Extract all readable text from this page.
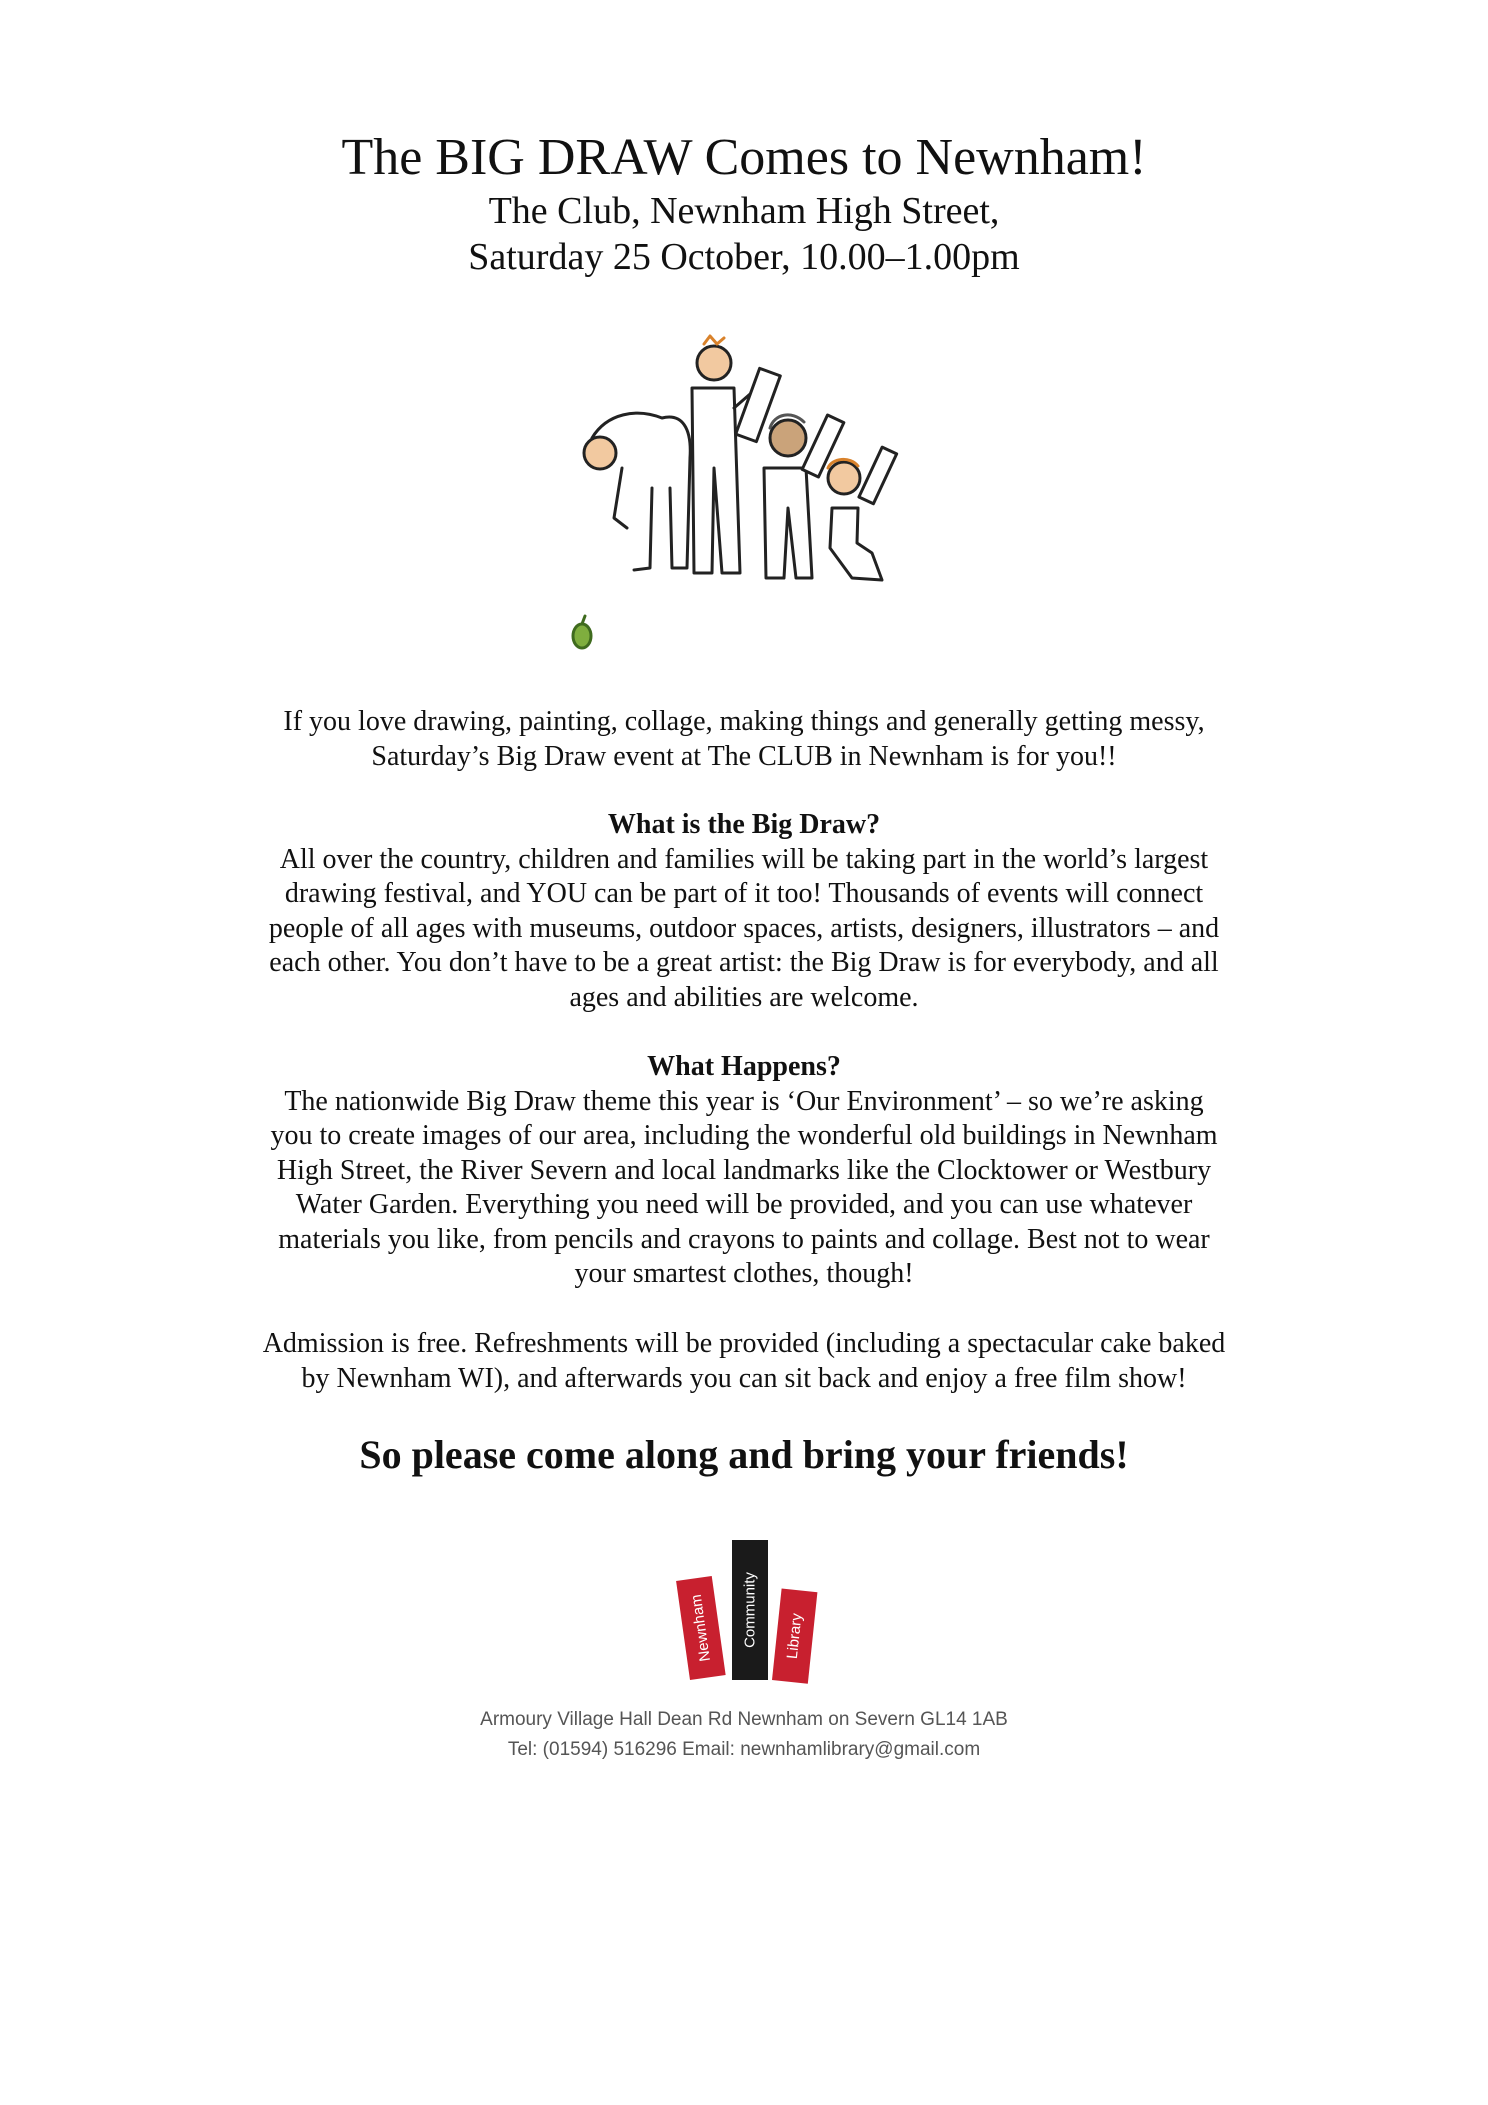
The BIG DRAW Comes to Newnham!
The Club, Newnham High Street,
Saturday 25 October, 10.00–1.00pm
If you love drawing, painting, collage, making things and generally getting messy,
Saturday’s Big Draw event at The CLUB in Newnham is for you!!
What is the Big Draw?
All over the country, children and families will be taking part in the world’s largest
drawing festival, and YOU can be part of it too! Thousands of events will connect
people of all ages with museums, outdoor spaces, artists, designers, illustrators – and
each other. You don’t have to be a great artist: the Big Draw is for everybody, and all
ages and abilities are welcome.
What Happens?
The nationwide Big Draw theme this year is ‘Our Environment’ – so we’re asking
you to create images of our area, including the wonderful old buildings in Newnham
High Street, the River Severn and local landmarks like the Clocktower or Westbury
Water Garden. Everything you need will be provided, and you can use whatever
materials you like, from pencils and crayons to paints and collage. Best not to wear
your smartest clothes, though!
Admission is free. Refreshments will be provided (including a spectacular cake baked
by Newnham WI), and afterwards you can sit back and enjoy a free film show!
So please come along and bring your friends!
Newnham Community Library
Armoury Village Hall Dean Rd Newnham on Severn GL14 1AB
Tel: (01594) 516296 Email: newnhamlibrary@gmail.com
